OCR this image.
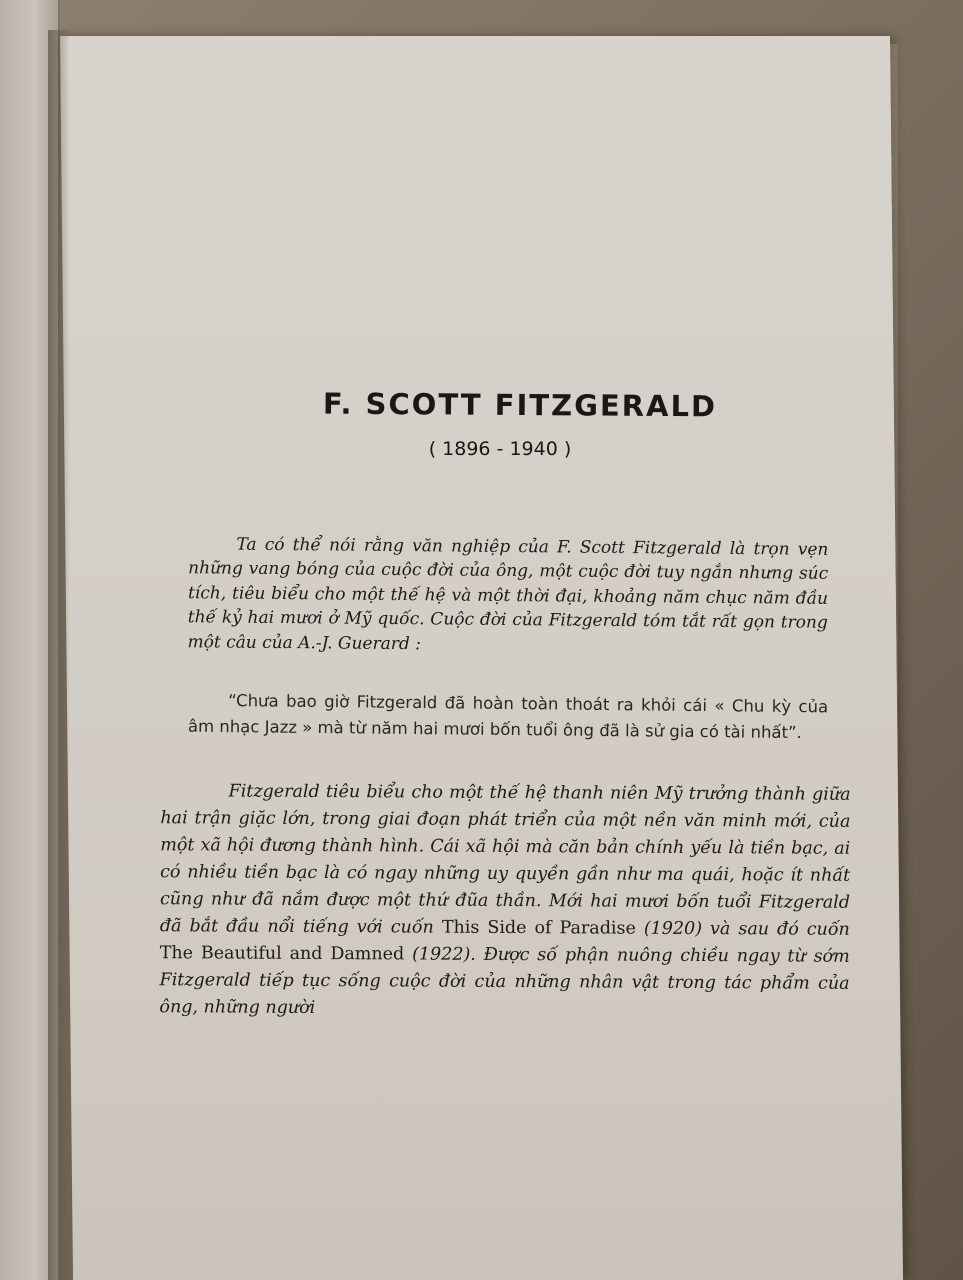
F. SCOTT FITZGERALD
( 1896 - 1940 )

Ta có thể nói rằng văn nghiệp của F. Scott Fitzgerald là trọn vẹn những vang bóng của cuộc đời của ông, một cuộc đời tuy ngắn nhưng súc tích, tiêu biểu cho một thế hệ và một thời đại, khoảng năm chục năm đầu thế kỷ hai mươi ở Mỹ quốc. Cuộc đời của Fitzgerald tóm tắt rất gọn trong một câu của A.-J. Guerard :

“Chưa bao giờ Fitzgerald đã hoàn toàn thoát ra khỏi cái « Chu kỳ của âm nhạc Jazz » mà từ năm hai mươi bốn tuổi ông đã là sử gia có tài nhất”.

Fitzgerald tiêu biểu cho một thế hệ thanh niên Mỹ trưởng thành giữa hai trận giặc lớn, trong giai đoạn phát triển của một nền văn minh mới, của một xã hội đương thành hình. Cái xã hội mà căn bản chính yếu là tiền bạc, ai có nhiều tiền bạc là có ngay những uy quyền gần như ma quái, hoặc ít nhất cũng như đã nắm được một thứ đũa thần. Mới hai mươi bốn tuổi Fitzgerald đã bắt đầu nổi tiếng với cuốn This Side of Paradise (1920) và sau đó cuốn The Beautiful and Damned (1922). Được số phận nuông chiều ngay từ sớm Fitzgerald tiếp tục sống cuộc đời của những nhân vật trong tác phẩm của ông, những người
